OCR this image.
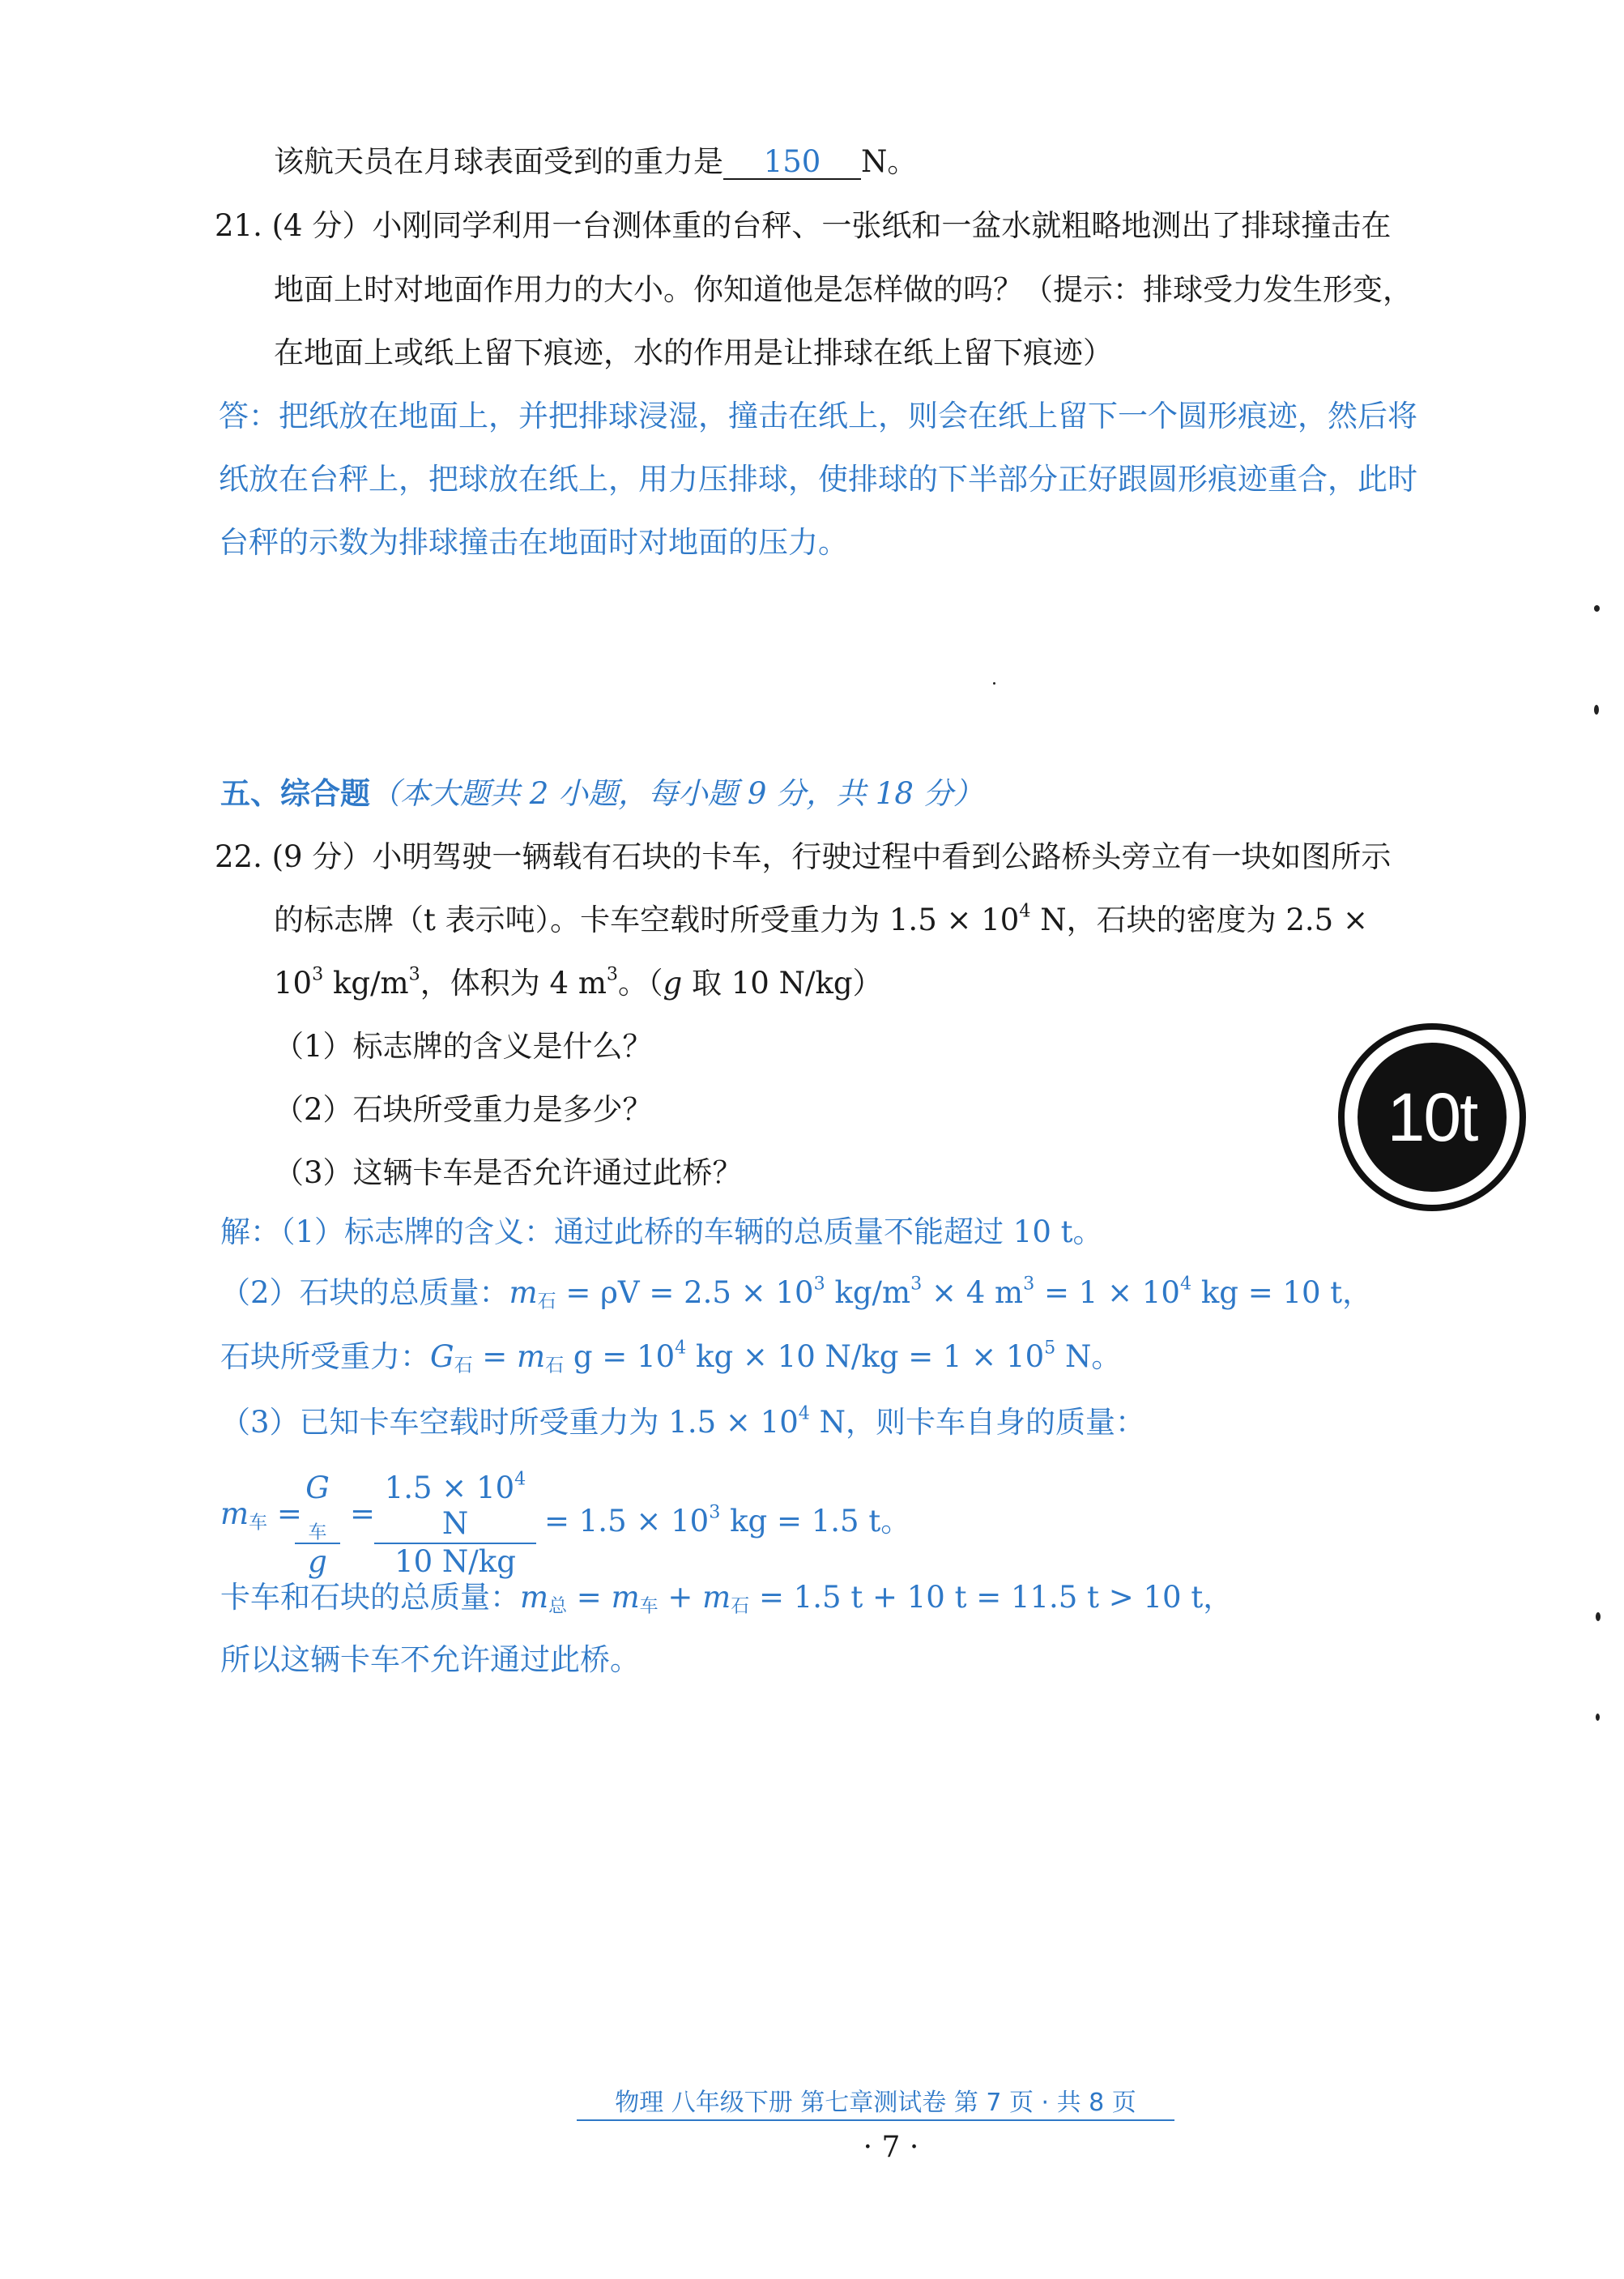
该航天员在月球表面受到的重力是 150 N。
21. (4 分）小刚同学利用一台测体重的台秤、一张纸和一盆水就粗略地测出了排球撞击在
地面上时对地面作用力的大小。你知道他是怎样做的吗？（提示：排球受力发生形变，
在地面上或纸上留下痕迹，水的作用是让排球在纸上留下痕迹）
答：把纸放在地面上，并把排球浸湿，撞击在纸上，则会在纸上留下一个圆形痕迹，然后将
纸放在台秤上，把球放在纸上，用力压排球，使排球的下半部分正好跟圆形痕迹重合，此时
台秤的示数为排球撞击在地面时对地面的压力。
五、综合题（本大题共 2 小题，每小题 9 分，共 18 分）
22. (9 分）小明驾驶一辆载有石块的卡车，行驶过程中看到公路桥头旁立有一块如图所示
的标志牌（t 表示吨）。卡车空载时所受重力为 $1.5 \times 10^4$ N，石块的密度为 2.5 ×
$10^3$ $kg/m^3$，体积为 4 $m^3$。（g 取 10 N/kg）
（1）标志牌的含义是什么？
（2）石块所受重力是多少？
（3）这辆卡车是否允许通过此桥？
10t
解：（1）标志牌的含义：通过此桥的车辆的总质量不能超过 10 t。
（2）石块的总质量：$m_石 = \rho V = 2.5 \times 10^3$ $kg/m^3 \times 4$ $m^3 = 1 \times 10^4$ kg = 10 t，
石块所受重力：$G_石 = m_石$ $g = 10^4$ kg × 10 $N/kg = 1 \times 10^5$ N。
（3）已知卡车空载时所受重力为 $1.5 \times 10^4$ N，则卡车自身的质量：
$m_车$ =
$G_车$
g
=
$1.5 \times 10^4$ N
10 N/kg
= $1.5 \times 10^3$ kg = 1.5 t。
卡车和石块的总质量：$m_总 = m_车 + m_石 = 1.5$ t + 10 t = 11.5 t > 10 t，
所以这辆卡车不允许通过此桥。
物理 八年级下册 第七章测试卷 第 7 页 · 共 8 页
· 7 ·
